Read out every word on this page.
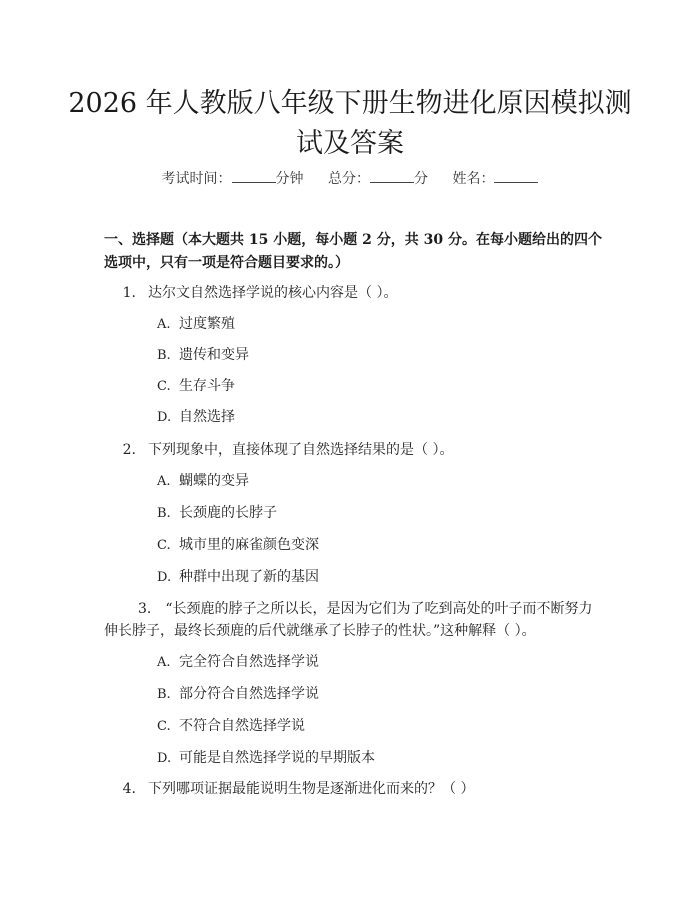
2026 年人教版八年级下册生物进化原因模拟测试及答案
考试时间：	分钟 总分：	分 姓名：

一、选择题（本大题共 15 小题，每小题 2 分，共 30 分。在每小题给出的四个选项中，只有一项是符合题目要求的。）

1. 达尔文自然选择学说的核心内容是（ ）。

A. 过度繁殖

B. 遗传和变异

C. 生存斗争

D. 自然选择

2. 下列现象中，直接体现了自然选择结果的是（ ）。

A. 蝴蝶的变异

B. 长颈鹿的长脖子

C. 城市里的麻雀颜色变深

D. 种群中出现了新的基因

3. “长颈鹿的脖子之所以长，是因为它们为了吃到高处的叶子而不断努力伸长脖子，最终长颈鹿的后代就继承了长脖子的性状。”这种解释（ ）。

A. 完全符合自然选择学说

B. 部分符合自然选择学说

C. 不符合自然选择学说

D. 可能是自然选择学说的早期版本

4. 下列哪项证据最能说明生物是逐渐进化而来的？（ ）
